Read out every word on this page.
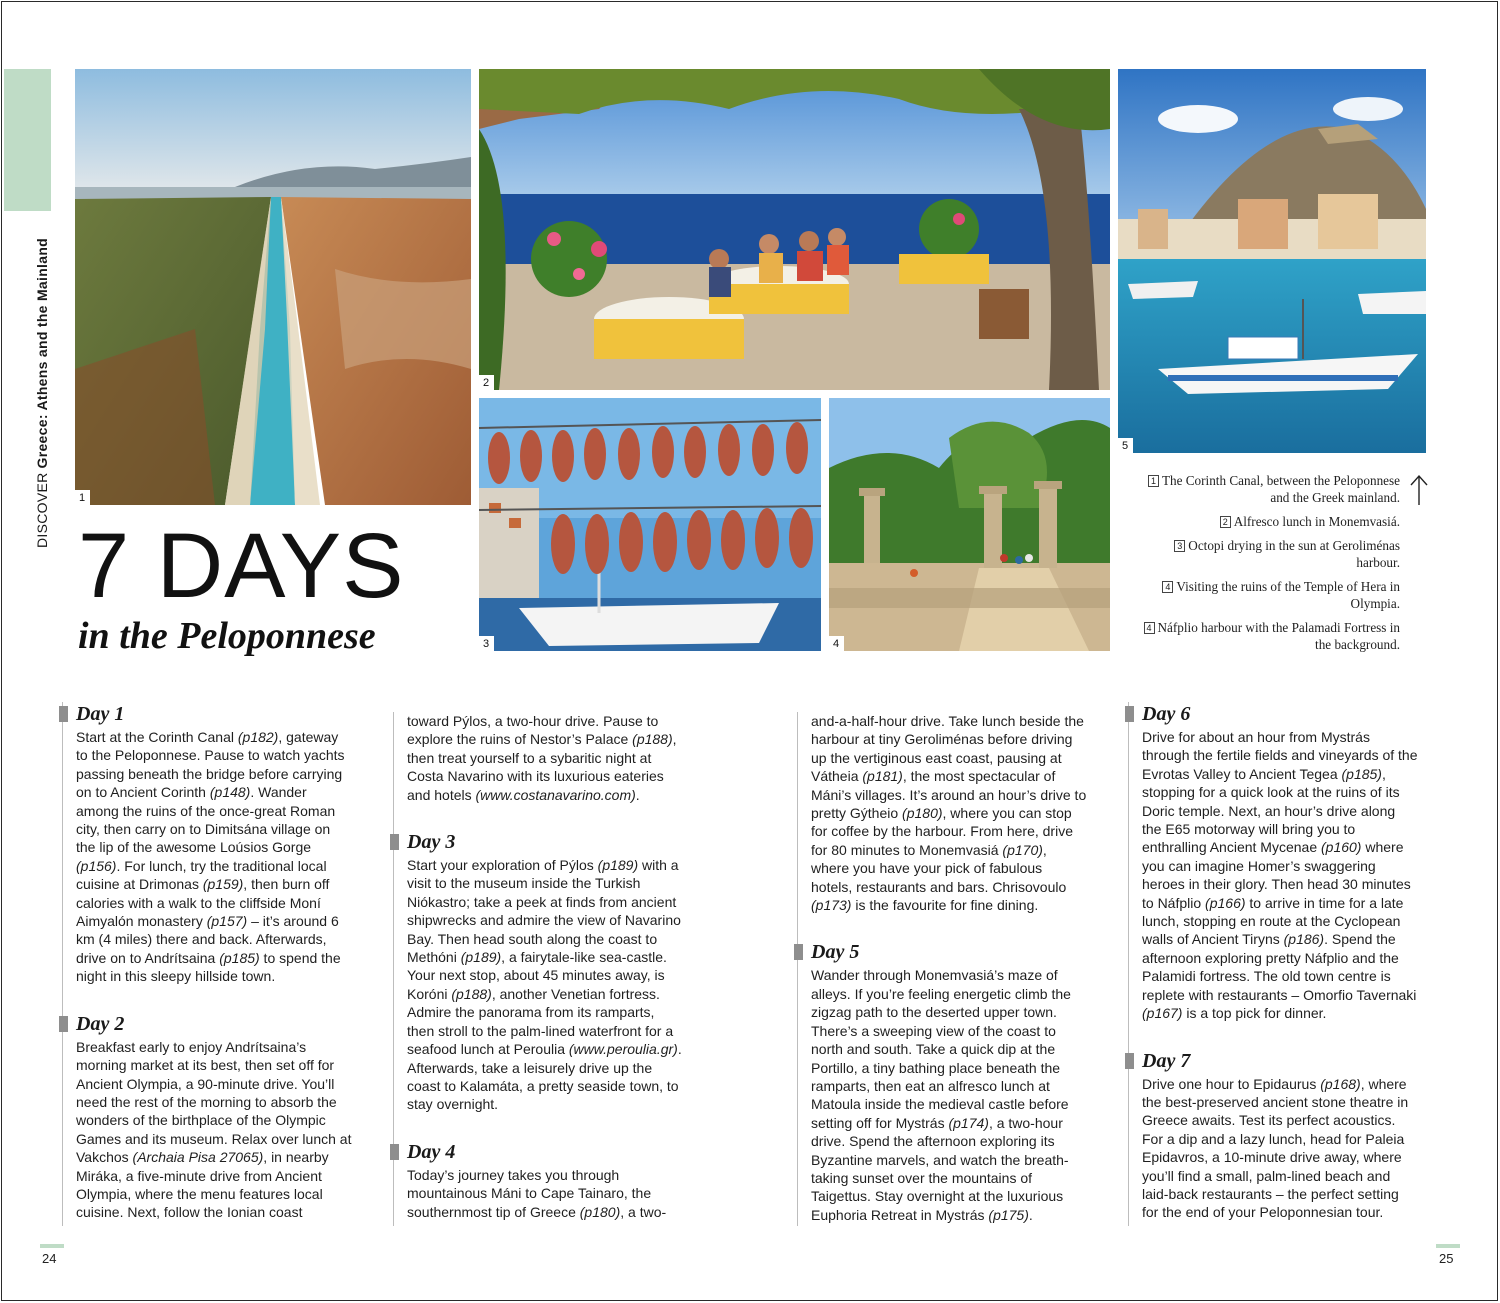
DISCOVERGreece: Athens and the Mainland
1
2
3	4
5
7 DAYS
in the Peloponnese

1 The Corinth Canal, between the Peloponnese and the Greek mainland.

2 Alfresco lunch in Monemvasiá.

3 Octopi drying in the sun at Geroliménas harbour.

4 Visiting the ruins of the Temple of Hera in Olympia.

4 Náfplio harbour with the Palamadi Fortress in the background.

Day 1

Start at the Corinth Canal (p182), gateway to the Peloponnese. Pause to watch yachts passing beneath the bridge before carrying on to Ancient Corinth (p148). Wander among the ruins of the once-great Roman city, then carry on to Dimitsána village on the lip of the awesome Loúsios Gorge (p156). For lunch, try the traditional local cuisine at Drimonas (p159), then burn off calories with a walk to the cliffside Moní Aimyalón monastery (p157) – it’s around 6 km (4 miles) there and back. Afterwards, drive on to Andrítsaina (p185) to spend the night in this sleepy hillside town.

Day 2

Breakfast early to enjoy Andrítsaina’s morning market at its best, then set off for Ancient Olympia, a 90-minute drive. You’ll need the rest of the morning to absorb the wonders of the birthplace of the Olympic Games and its museum. Relax over lunch at Vakchos (Archaia Pisa 27065), in nearby Miráka, a five-minute drive from Ancient Olympia, where the menu features local cuisine. Next, follow the Ionian coast

toward Pýlos, a two-hour drive. Pause to explore the ruins of Nestor’s Palace (p188), then treat yourself to a sybaritic night at Costa Navarino with its luxurious eateries and hotels (www.costanavarino.com).

Day 3

Start your exploration of Pýlos (p189) with a visit to the museum inside the Turkish Niókastro; take a peek at finds from ancient shipwrecks and admire the view of Navarino Bay. Then head south along the coast to Methóni (p189), a fairytale-like sea-castle. Your next stop, about 45 minutes away, is Koróni (p188), another Venetian fortress. Admire the panorama from its ramparts, then stroll to the palm-lined waterfront for a seafood lunch at Peroulia (www.peroulia.gr). Afterwards, take a leisurely drive up the coast to Kalamáta, a pretty seaside town, to stay overnight.

Day 4

Today’s journey takes you through mountainous Máni to Cape Tainaro, the southernmost tip of Greece (p180), a two-

and-a-half-hour drive. Take lunch beside the harbour at tiny Geroliménas before driving up the vertiginous east coast, pausing at Vátheia (p181), the most spectacular of Máni’s villages. It’s around an hour’s drive to pretty Gýtheio (p180), where you can stop for coffee by the harbour. From here, drive for 80 minutes to Monemvasiá (p170), where you have your pick of fabulous hotels, restaurants and bars. Chrisovoulo (p173) is the favourite for fine dining.

Day 5

Wander through Monemvasiá’s maze of alleys. If you’re feeling energetic climb the zigzag path to the deserted upper town. There’s a sweeping view of the coast to north and south. Take a quick dip at the Portillo, a tiny bathing place beneath the ramparts, then eat an alfresco lunch at Matoula inside the medieval castle before setting off for Mystrás (p174), a two-hour drive. Spend the afternoon exploring its Byzantine marvels, and watch the breath-taking sunset over the mountains of Taigettus. Stay overnight at the luxurious Euphoria Retreat in Mystrás (p175).

Day 6

Drive for about an hour from Mystrás through the fertile fields and vineyards of the Evrotas Valley to Ancient Tegea (p185), stopping for a quick look at the ruins of its Doric temple. Next, an hour’s drive along the E65 motorway will bring you to enthralling Ancient Mycenae (p160) where you can imagine Homer’s swaggering heroes in their glory. Then head 30 minutes to Náfplio (p166) to arrive in time for a late lunch, stopping en route at the Cyclopean walls of Ancient Tiryns (p186). Spend the afternoon exploring pretty Náfplio and the Palamidi fortress. The old town centre is replete with restaurants – Omorfio Tavernaki (p167) is a top pick for dinner.

Day 7

Drive one hour to Epidaurus (p168), where the best-preserved ancient stone theatre in Greece awaits. Test its perfect acoustics. For a dip and a lazy lunch, head for Paleia Epidavros, a 10-minute drive away, where you’ll find a small, palm-lined beach and laid-back restaurants – the perfect setting for the end of your Peloponnesian tour.

24	25
